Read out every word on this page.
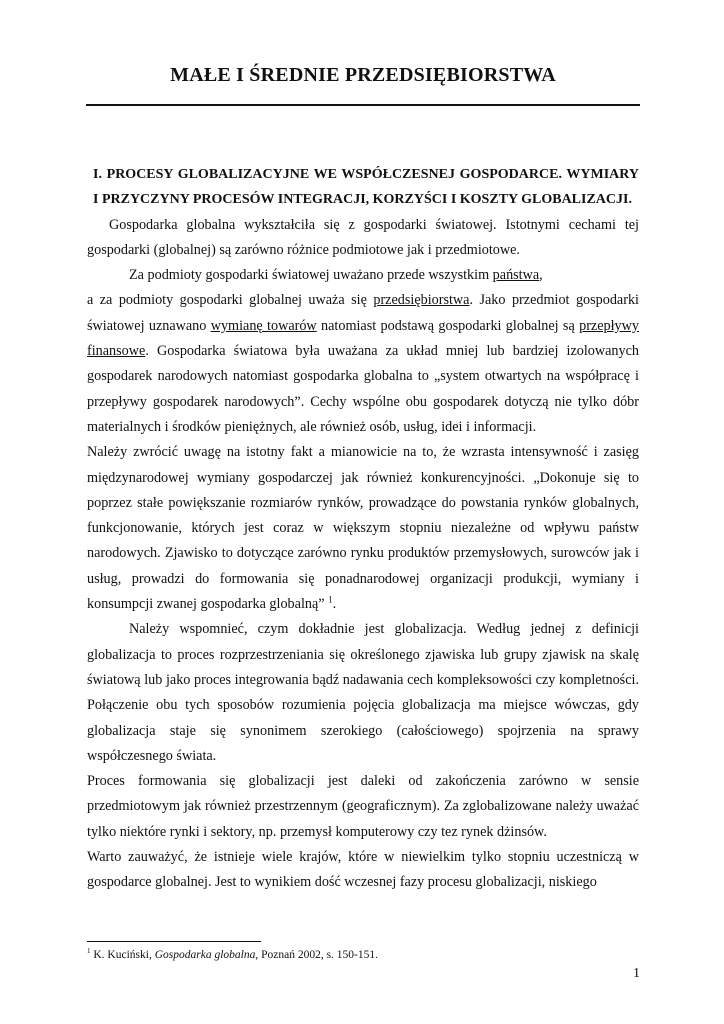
MAŁE I ŚREDNIE PRZEDSIĘBIORSTWA

I. PROCESY GLOBALIZACYJNE WE WSPÓŁCZESNEJ GOSPODARCE. WYMIARY I PRZYCZYNY PROCESÓW INTEGRACJI, KORZYŚCI I KOSZTY GLOBALIZACJI.

Gospodarka globalna wykształciła się z gospodarki światowej. Istotnymi cechami tej gospodarki (globalnej) są zarówno różnice podmiotowe jak i przedmiotowe.

Za podmioty gospodarki światowej uważano przede wszystkim państwa,

a za podmioty gospodarki globalnej uważa się przedsiębiorstwa. Jako przedmiot gospodarki światowej uznawano wymianę towarów natomiast podstawą gospodarki globalnej są przepływy finansowe. Gospodarka światowa była uważana za układ mniej lub bardziej izolowanych gospodarek narodowych natomiast gospodarka globalna to „system otwartych na współpracę i przepływy gospodarek narodowych”. Cechy wspólne obu gospodarek dotyczą nie tylko dóbr materialnych i środków pieniężnych, ale również osób, usług, idei i informacji.

Należy zwrócić uwagę na istotny fakt a mianowicie na to, że wzrasta intensywność i zasięg międzynarodowej wymiany gospodarczej jak również konkurencyjności. „Dokonuje się to poprzez stałe powiększanie rozmiarów rynków, prowadzące do powstania rynków globalnych, funkcjonowanie, których jest coraz w większym stopniu niezależne od wpływu państw narodowych. Zjawisko to dotyczące zarówno rynku produktów przemysłowych, surowców jak i usług, prowadzi do formowania się ponadnarodowej organizacji produkcji, wymiany i konsumpcji zwanej gospodarka globalną” $^1$.

Należy wspomnieć, czym dokładnie jest globalizacja. Według jednej z definicji globalizacja to proces rozprzestrzeniania się określonego zjawiska lub grupy zjawisk na skalę światową lub jako proces integrowania bądź nadawania cech kompleksowości czy kompletności. Połączenie obu tych sposobów rozumienia pojęcia globalizacja ma miejsce wówczas, gdy globalizacja staje się synonimem szerokiego (całościowego) spojrzenia na sprawy współczesnego świata.

Proces formowania się globalizacji jest daleki od zakończenia zarówno w sensie przedmiotowym jak również przestrzennym (geograficznym). Za zglobalizowane należy uważać tylko niektóre rynki i sektory, np. przemysł komputerowy czy tez rynek dżinsów.

Warto zauważyć, że istnieje wiele krajów, które w niewielkim tylko stopniu uczestniczą w gospodarce globalnej. Jest to wynikiem dość wczesnej fazy procesu globalizacji, niskiego

$^1$ K. Kuciński, Gospodarka globalna, Poznań 2002, s. 150-151.
1
